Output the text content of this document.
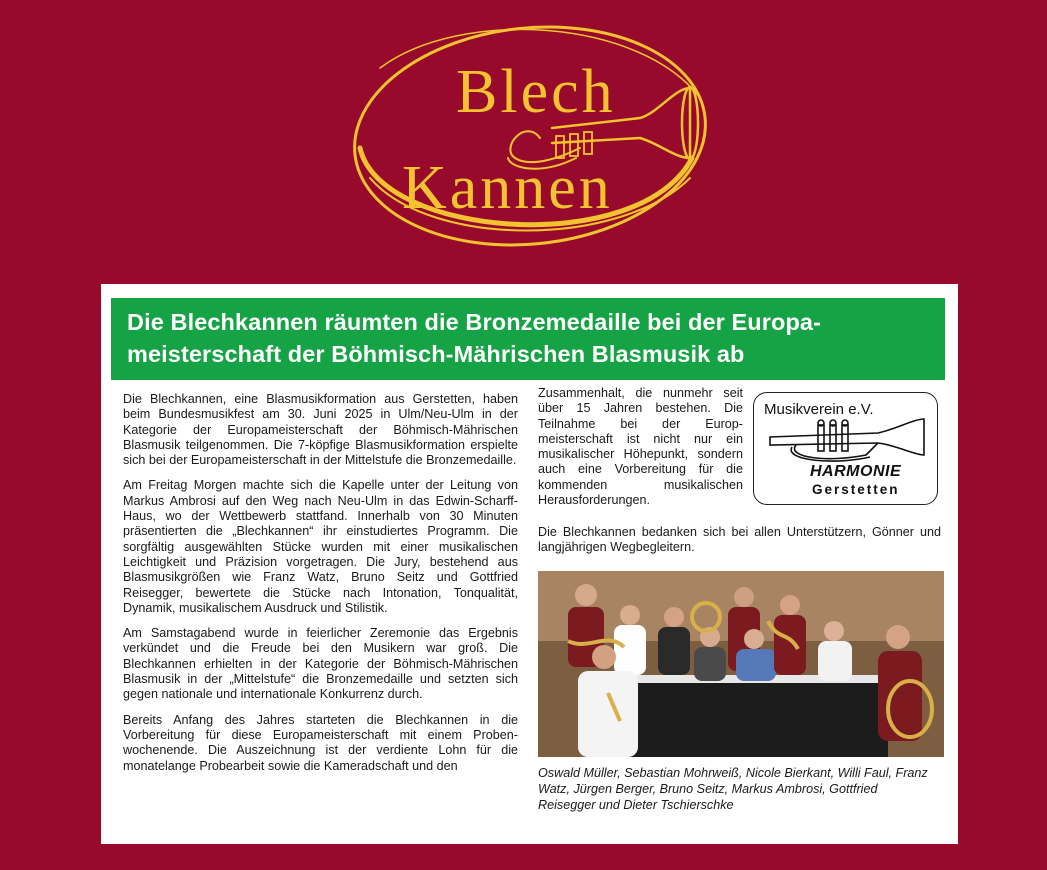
Blech
Kannen
Die Blechkannen räumten die Bronzemedaille bei der Europameisterschaft der Böhmisch-Mährischen Blasmusik ab

Die Blechkannen, eine Blasmusikformation aus Gerstetten, haben beim Bundesmusikfest am 30. Juni 2025 in Ulm/Neu-Ulm in der Kategorie der Europameisterschaft der Böhmisch-Mährischen Blasmusik teilgenommen. Die 7-köpfige Blasmusikformation erspielte sich bei der Europameisterschaft in der Mittelstufe die Bronzemedaille.

Am Freitag Morgen machte sich die Kapelle unter der Leitung von Markus Ambrosi auf den Weg nach Neu-Ulm in das Edwin-Scharff-Haus, wo der Wettbewerb stattfand. Innerhalb von 30 Minuten präsentierten die „Blechkannen“ ihr einstudiertes Programm. Die sorgfältig ausgewählten Stücke wurden mit einer musikalischen Leichtigkeit und Präzision vorgetragen. Die Jury, bestehend aus Blasmusikgrößen wie Franz Watz, Bruno Seitz und Gottfried Reisegger, bewertete die Stücke nach Intonation, Tonqualität, Dynamik, musikalischem Ausdruck und Stilistik.

Am Samstagabend wurde in feierlicher Zeremonie das Ergebnis verkündet und die Freude bei den Musikern war groß. Die Blechkannen erhielten in der Kategorie der Böhmisch-Mährischen Blasmusik in der „Mittelstufe“ die Bronzemedaille und setzten sich gegen nationale und internationale Konkurrenz durch.

Bereits Anfang des Jahres starteten die Blechkannen in die Vorbereitung für diese Europameisterschaft mit einem Probenwochenende. Die Auszeichnung ist der verdiente Lohn für die monatelange Probearbeit sowie die Kameradschaft und den

Zusammenhalt, die nunmehr seit über 15 Jahren bestehen. Die Teilnahme bei der Europmeisterschaft ist nicht nur ein musikalischer Höhepunkt, sondern auch eine Vorbereitung für die kommenden musikalischen Herausforderungen.
Musikverein e.V.
HARMONIE
Gerstetten
Die Blechkannen bedanken sich bei allen Unterstützern, Gönner und langjährigen Wegbegleitern.
Oswald Müller, Sebastian Mohrweiß, Nicole Bierkant, Willi Faul, Franz Watz, Jürgen Berger, Bruno Seitz, Markus Ambrosi, Gottfried Reisegger und Dieter Tschierschke
